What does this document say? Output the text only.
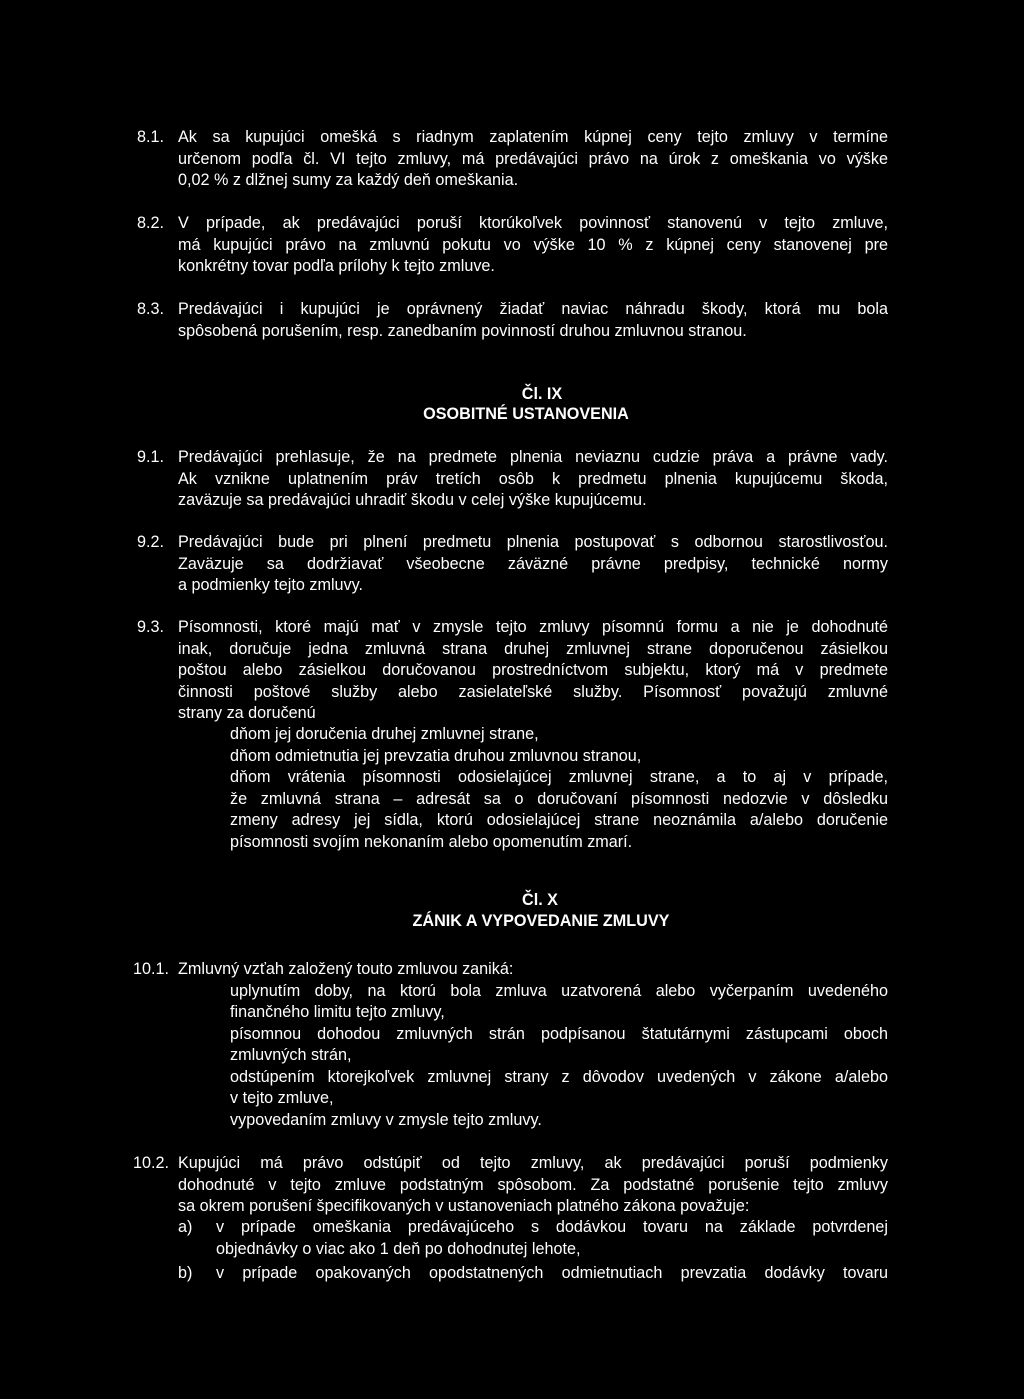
8.1. Ak sa kupujúci omešká s riadnym zaplatením kúpnej ceny tejto zmluvy v termíne
určenom podľa čl. VI tejto zmluvy, má predávajúci právo na úrok z omeškania vo výške
0,02 % z dlžnej sumy za každý deň omeškania.
8.2. V prípade, ak predávajúci poruší ktorúkoľvek povinnosť stanovenú v tejto zmluve,
má kupujúci právo na zmluvnú pokutu vo výške 10 % z kúpnej ceny stanovenej pre
konkrétny tovar podľa prílohy k tejto zmluve.
8.3. Predávajúci i kupujúci je oprávnený žiadať naviac náhradu škody, ktorá mu bola
spôsobená porušením, resp. zanedbaním povinností druhou zmluvnou stranou.
Čl. IX
OSOBITNÉ USTANOVENIA
9.1. Predávajúci prehlasuje, že na predmete plnenia neviaznu cudzie práva a právne vady.
Ak vznikne uplatnením práv tretích osôb k predmetu plnenia kupujúcemu škoda,
zaväzuje sa predávajúci uhradiť škodu v celej výške kupujúcemu.
9.2. Predávajúci bude pri plnení predmetu plnenia postupovať s odbornou starostlivosťou.
Zaväzuje sa dodržiavať všeobecne záväzné právne predpisy, technické normy
a podmienky tejto zmluvy.
9.3. Písomnosti, ktoré majú mať v zmysle tejto zmluvy písomnú formu a nie je dohodnuté
inak, doručuje jedna zmluvná strana druhej zmluvnej strane doporučenou zásielkou
poštou alebo zásielkou doručovanou prostredníctvom subjektu, ktorý má v predmete
činnosti poštové služby alebo zasielateľské služby. Písomnosť považujú zmluvné
strany za doručenú
dňom jej doručenia druhej zmluvnej strane,
dňom odmietnutia jej prevzatia druhou zmluvnou stranou,
dňom vrátenia písomnosti odosielajúcej zmluvnej strane, a to aj v prípade,
že zmluvná strana – adresát sa o doručovaní písomnosti nedozvie v dôsledku
zmeny adresy jej sídla, ktorú odosielajúcej strane neoznámila a/alebo doručenie
písomnosti svojím nekonaním alebo opomenutím zmarí.
Čl. X
ZÁNIK A VYPOVEDANIE ZMLUVY
10.1. Zmluvný vzťah založený touto zmluvou zaniká:
uplynutím doby, na ktorú bola zmluva uzatvorená alebo vyčerpaním uvedeného
finančného limitu tejto zmluvy,
písomnou dohodou zmluvných strán podpísanou štatutárnymi zástupcami oboch
zmluvných strán,
odstúpením ktorejkoľvek zmluvnej strany z dôvodov uvedených v zákone a/alebo
v tejto zmluve,
vypovedaním zmluvy v zmysle tejto zmluvy.
10.2. Kupujúci má právo odstúpiť od tejto zmluvy, ak predávajúci poruší podmienky
dohodnuté v tejto zmluve podstatným spôsobom. Za podstatné porušenie tejto zmluvy
sa okrem porušení špecifikovaných v ustanoveniach platného zákona považuje:
a) v prípade omeškania predávajúceho s dodávkou tovaru na základe potvrdenej
objednávky o viac ako 1 deň po dohodnutej lehote,
b) v prípade opakovaných opodstatnených odmietnutiach prevzatia dodávky tovaru
